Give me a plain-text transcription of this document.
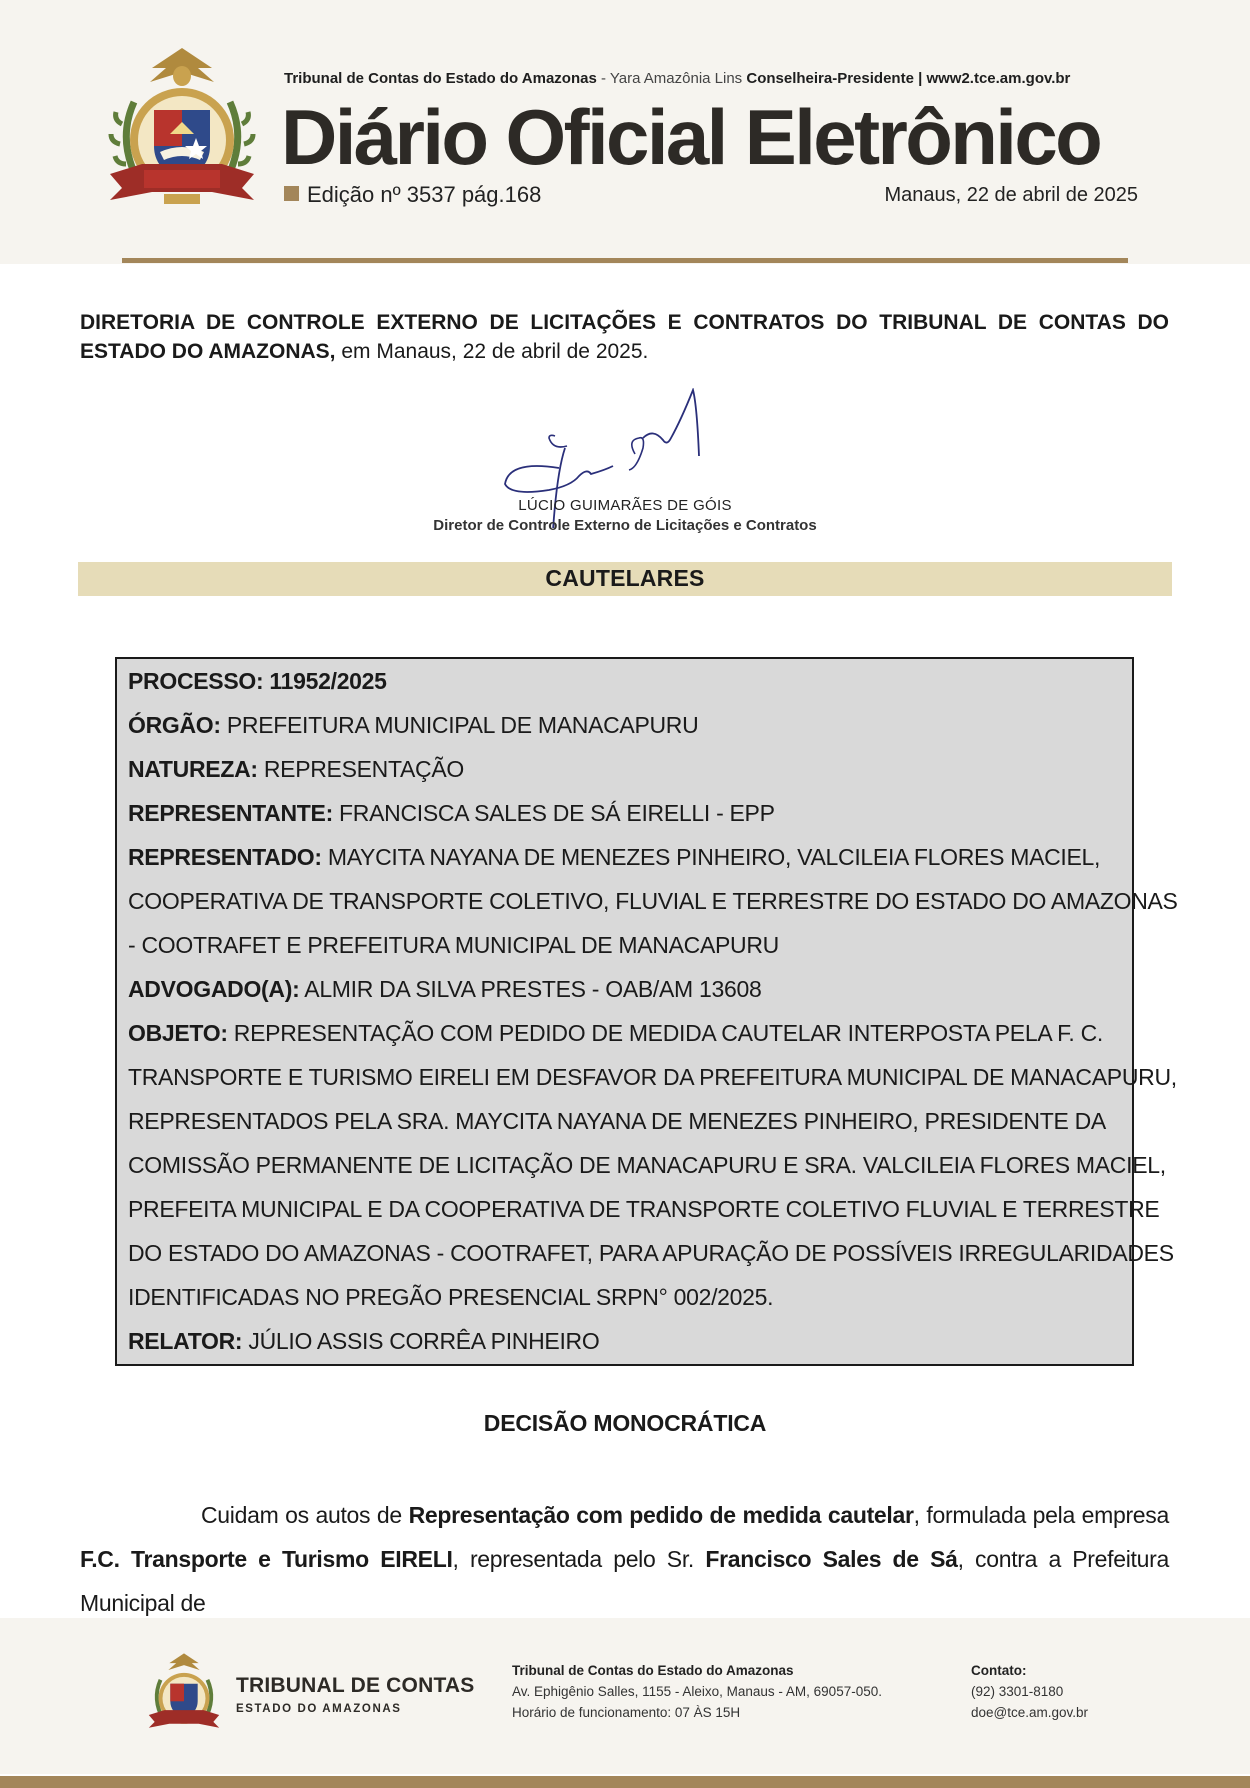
Tribunal de Contas do Estado do Amazonas - Yara Amazônia Lins Conselheira-Presidente | www2.tce.am.gov.br
Diário Oficial Eletrônico
Edição nº 3537 pág.168	Manaus, 22 de abril de 2025
DIRETORIA DE CONTROLE EXTERNO DE LICITAÇÕES E CONTRATOS DO TRIBUNAL DE CONTAS DO ESTADO DO AMAZONAS, em Manaus, 22 de abril de 2025.
LÚCIO GUIMARÃES DE GÓIS
Diretor de Controle Externo de Licitações e Contratos
CAUTELARES
PROCESSO: 11952/2025
ÓRGÃO: PREFEITURA MUNICIPAL DE MANACAPURU
NATUREZA: REPRESENTAÇÃO
REPRESENTANTE: FRANCISCA SALES DE SÁ EIRELLI - EPP
REPRESENTADO: MAYCITA NAYANA DE MENEZES PINHEIRO, VALCILEIA FLORES MACIEL,
COOPERATIVA DE TRANSPORTE COLETIVO, FLUVIAL E TERRESTRE DO ESTADO DO AMAZONAS
- COOTRAFET E PREFEITURA MUNICIPAL DE MANACAPURU
ADVOGADO(A): ALMIR DA SILVA PRESTES - OAB/AM 13608
OBJETO: REPRESENTAÇÃO COM PEDIDO DE MEDIDA CAUTELAR INTERPOSTA PELA F. C.
TRANSPORTE E TURISMO EIRELI EM DESFAVOR DA PREFEITURA MUNICIPAL DE MANACAPURU,
REPRESENTADOS PELA SRA. MAYCITA NAYANA DE MENEZES PINHEIRO, PRESIDENTE DA
COMISSÃO PERMANENTE DE LICITAÇÃO DE MANACAPURU E SRA. VALCILEIA FLORES MACIEL,
PREFEITA MUNICIPAL E DA COOPERATIVA DE TRANSPORTE COLETIVO FLUVIAL E TERRESTRE
DO ESTADO DO AMAZONAS - COOTRAFET, PARA APURAÇÃO DE POSSÍVEIS IRREGULARIDADES
IDENTIFICADAS NO PREGÃO PRESENCIAL SRPN° 002/2025.
RELATOR: JÚLIO ASSIS CORRÊA PINHEIRO
DECISÃO MONOCRÁTICA
Cuidam os autos de Representação com pedido de medida cautelar, formulada pela empresa F.C. Transporte e Turismo EIRELI, representada pelo Sr. Francisco Sales de Sá, contra a Prefeitura Municipal de
TRIBUNAL DE CONTAS
ESTADO DO AMAZONAS
Tribunal de Contas do Estado do Amazonas
Av. Ephigênio Salles, 1155 - Aleixo, Manaus - AM, 69057-050.
Horário de funcionamento: 07 ÀS 15H
Contato:
(92) 3301-8180
doe@tce.am.gov.br
